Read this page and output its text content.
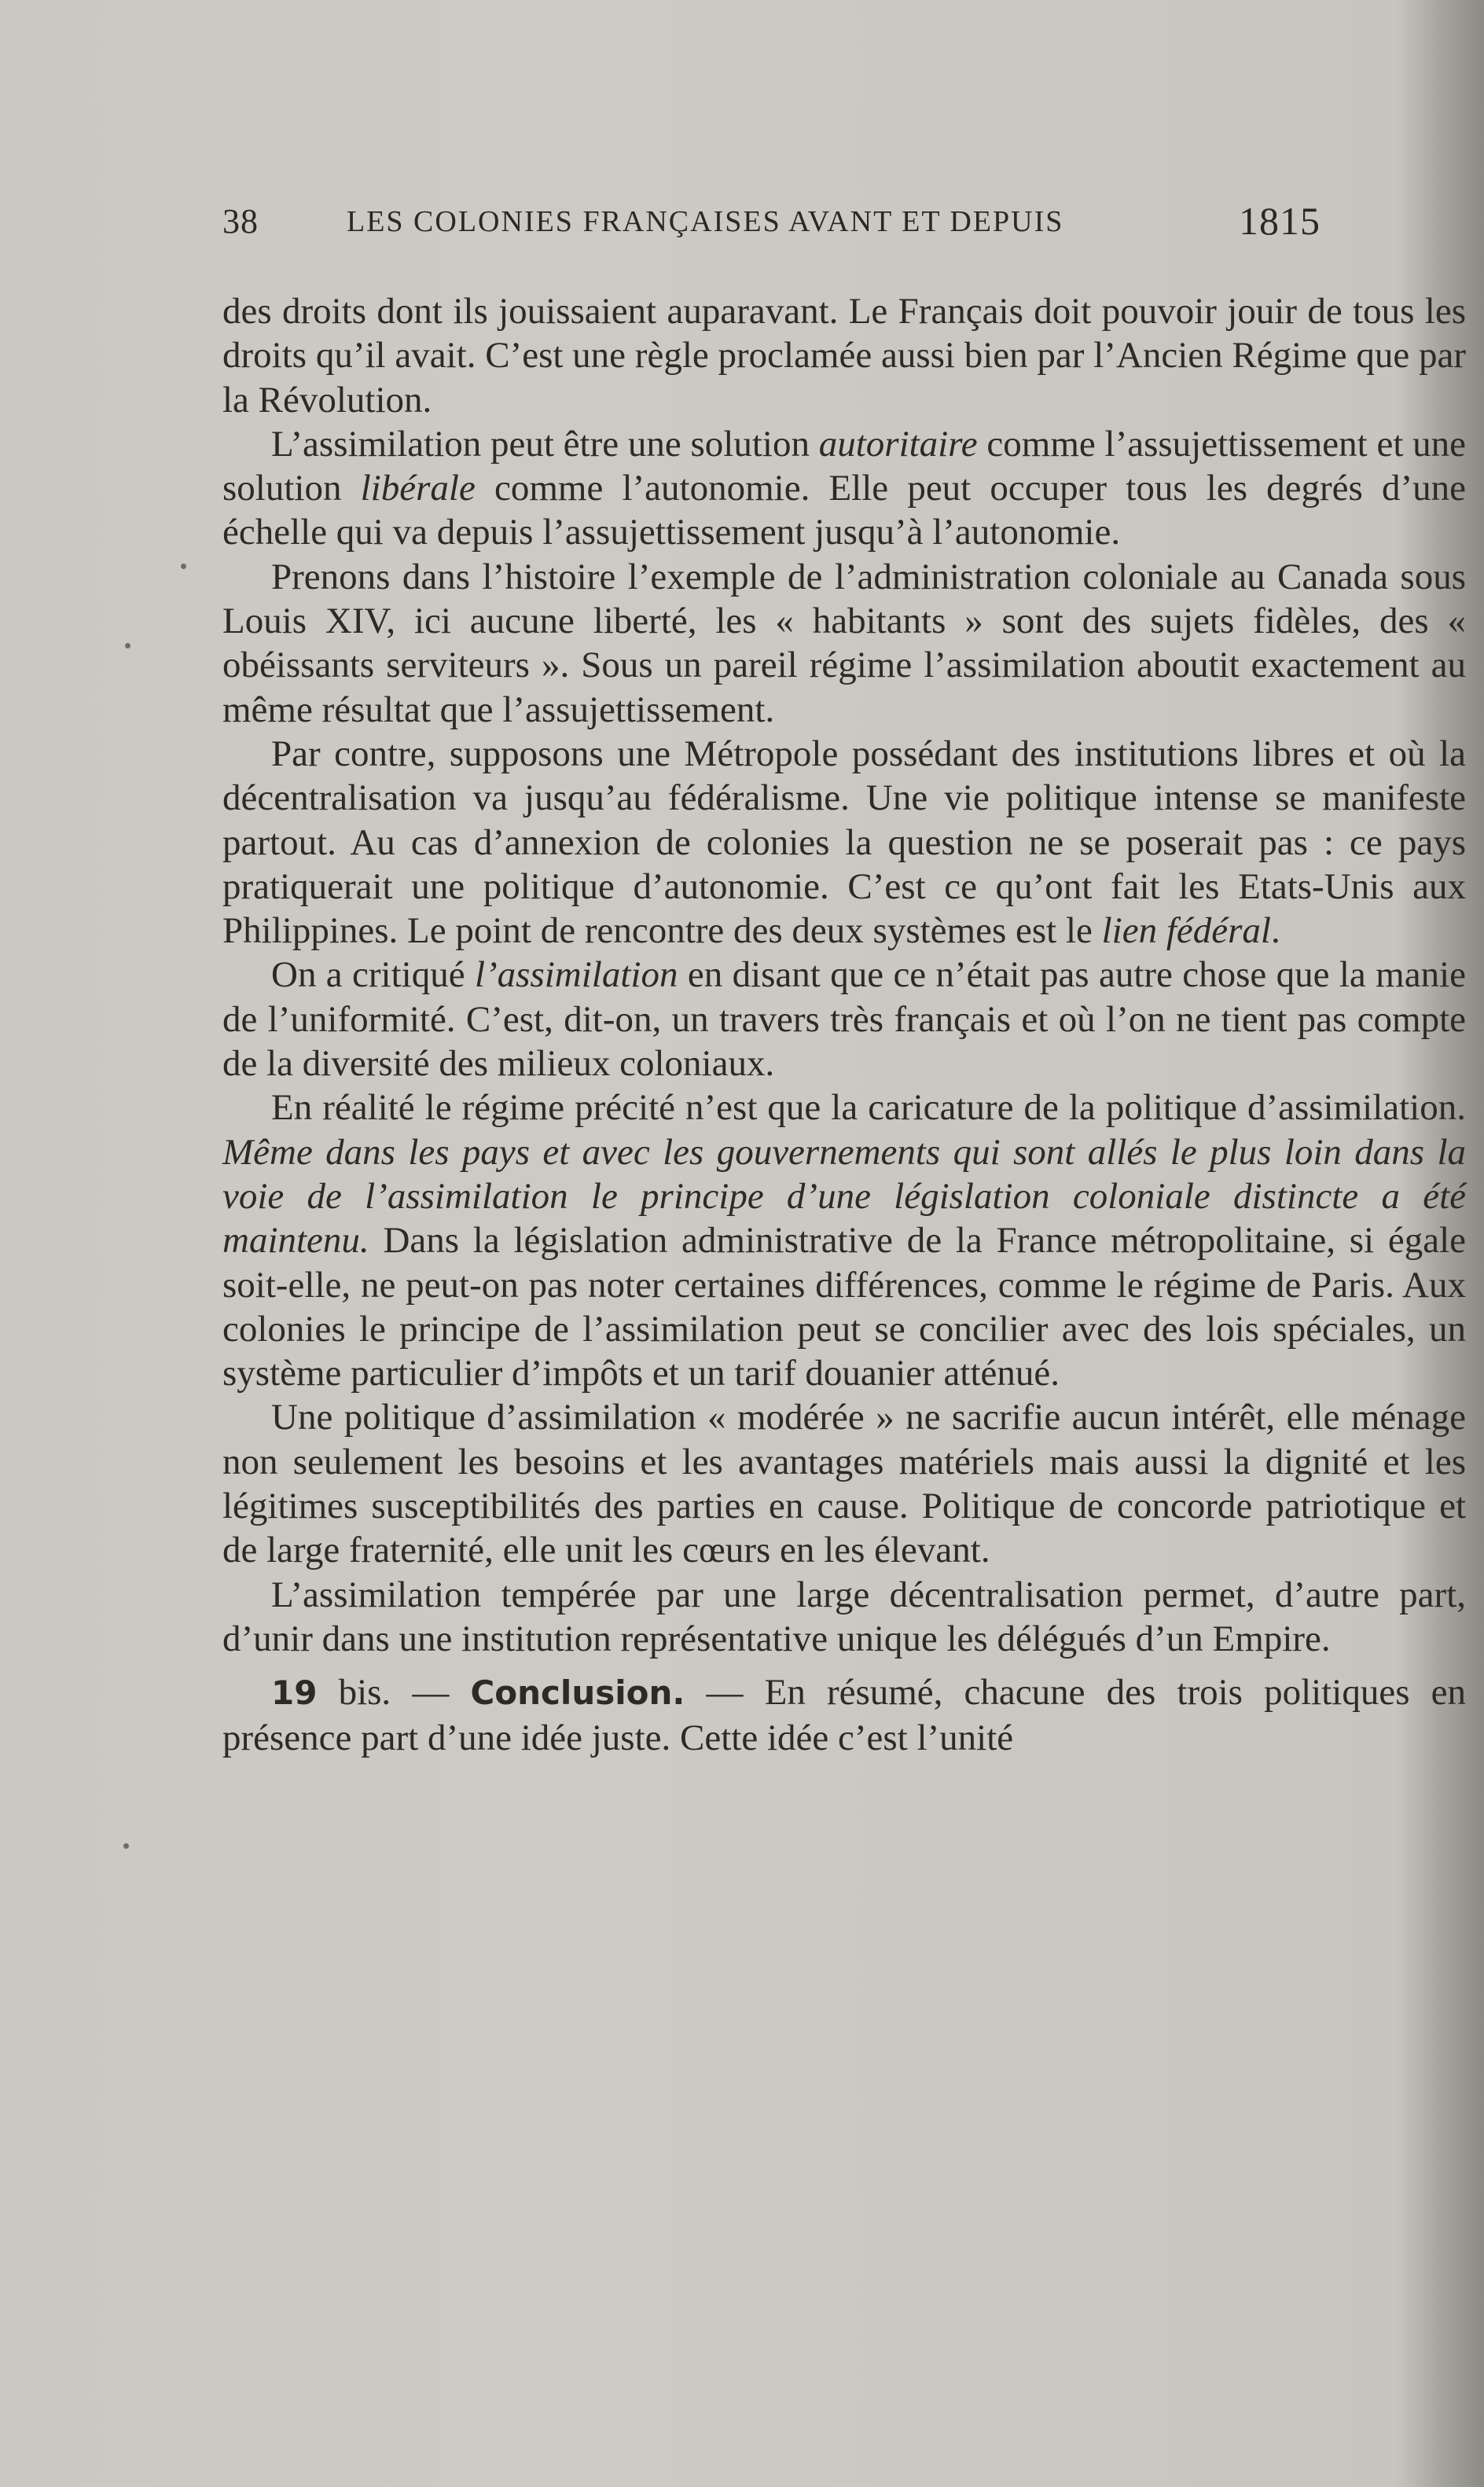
38	LES COLONIES FRANÇAISES AVANT ET DEPUIS	1815

des droits dont ils jouissaient auparavant. Le Français doit pouvoir jouir de tous les droits qu’il avait. C’est une règle proclamée aussi bien par l’Ancien Régime que par la Révolution.

L’assimilation peut être une solution autoritaire comme l’assujettissement et une solution libérale comme l’autonomie. Elle peut occuper tous les degrés d’une échelle qui va depuis l’assujettissement jusqu’à l’autonomie.

Prenons dans l’histoire l’exemple de l’administration coloniale au Canada sous Louis XIV, ici aucune liberté, les « habitants » sont des sujets fidèles, des « obéissants serviteurs ». Sous un pareil régime l’assimilation aboutit exactement au même résultat que l’assujettissement.

Par contre, supposons une Métropole possédant des institutions libres et où la décentralisation va jusqu’au fédéralisme. Une vie politique intense se manifeste partout. Au cas d’annexion de colonies la question ne se poserait pas : ce pays pratiquerait une politique d’autonomie. C’est ce qu’ont fait les Etats-Unis aux Philippines. Le point de rencontre des deux systèmes est le lien fédéral.

On a critiqué l’assimilation en disant que ce n’était pas autre chose que la manie de l’uniformité. C’est, dit-on, un travers très français et où l’on ne tient pas compte de la diversité des milieux coloniaux.

En réalité le régime précité n’est que la caricature de la politique d’assimilation. Même dans les pays et avec les gouvernements qui sont allés le plus loin dans la voie de l’assimilation le principe d’une législation coloniale distincte a été maintenu. Dans la législation administrative de la France métropolitaine, si égale soit-elle, ne peut-on pas noter certaines différences, comme le régime de Paris. Aux colonies le principe de l’assimilation peut se concilier avec des lois spéciales, un système particulier d’impôts et un tarif douanier atténué.

Une politique d’assimilation « modérée » ne sacrifie aucun intérêt, elle ménage non seulement les besoins et les avantages matériels mais aussi la dignité et les légitimes susceptibilités des parties en cause. Politique de concorde patriotique et de large fraternité, elle unit les cœurs en les élevant.

L’assimilation tempérée par une large décentralisation permet, d’autre part, d’unir dans une institution représentative unique les délégués d’un Empire.

19 bis. — Conclusion. — En résumé, chacune des trois politiques en présence part d’une idée juste. Cette idée c’est l’unité
